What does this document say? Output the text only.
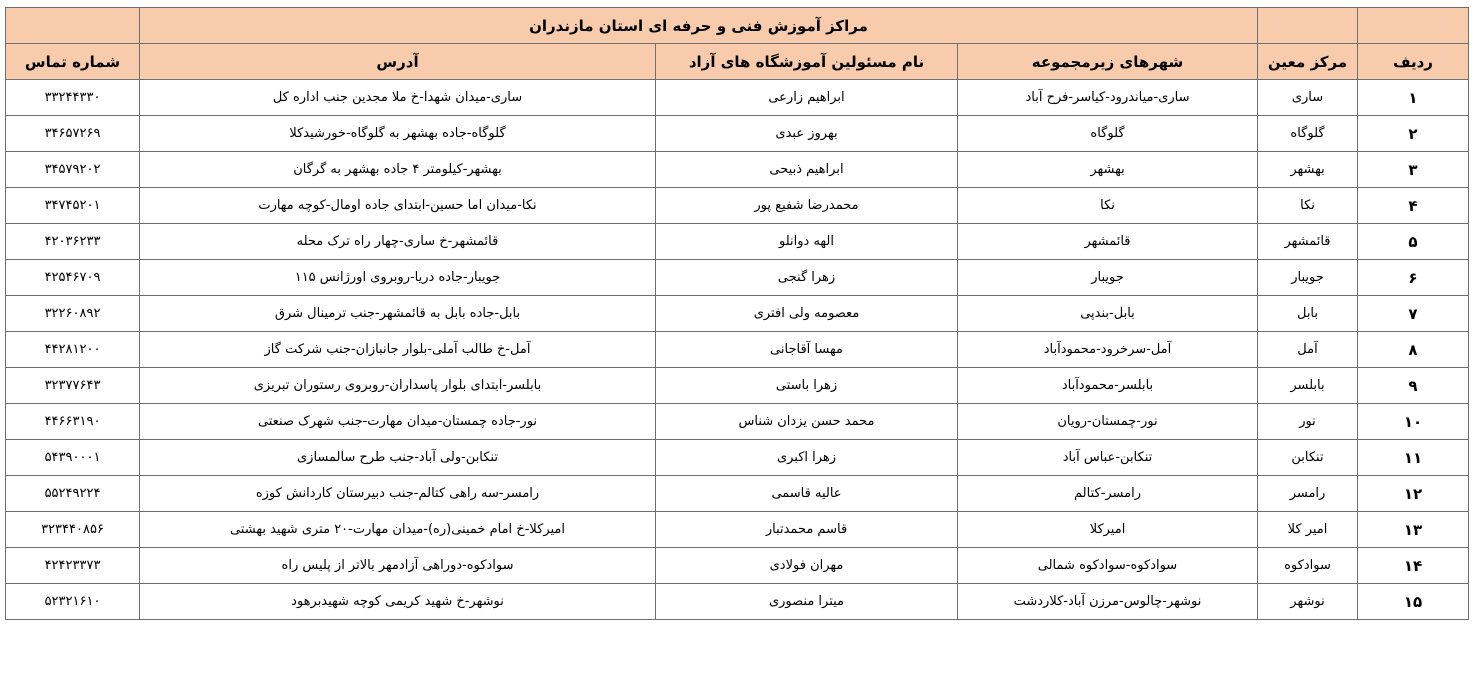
		مراکز آموزش فنی و حرفه ای استان مازندران			
ردیف	مرکز معین	شهرهای زیرمجموعه	نام مسئولین آموزشگاه های آزاد	آدرس	شماره تماس
۱	ساری	ساری-میاندرود-کیاسر-فرح آباد	ابراهیم زارعی	ساری-میدان شهدا-خ ملا مجدین جنب اداره کل	۳۳۲۴۴۳۳۰
۲	گلوگاه	گلوگاه	بهروز عبدی	گلوگاه-جاده بهشهر به گلوگاه-خورشیدکلا	۳۴۶۵۷۲۶۹
۳	بهشهر	بهشهر	ابراهیم ذبیحی	بهشهر-کیلومتر ۴ جاده بهشهر به گرگان	۳۴۵۷۹۲۰۲
۴	نکا	نکا	محمدرضا شفیع پور	نکا-میدان اما حسین-ابتدای جاده اومال-کوچه مهارت	۳۴۷۴۵۲۰۱
۵	قائمشهر	قائمشهر	الهه دوانلو	قائمشهر-خ ساری-چهار راه ترک محله	۴۲۰۳۶۲۳۳
۶	جویبار	جویبار	زهرا گنجی	جویبار-جاده دریا-روبروی اورژانس ۱۱۵	۴۲۵۴۶۷۰۹
۷	بابل	بابل-بندپی	معصومه ولی افتری	بابل-جاده بابل به قائمشهر-جنب ترمینال شرق	۳۲۲۶۰۸۹۲
۸	آمل	آمل-سرخرود-محمودآباد	مهسا آقاجانی	آمل-خ طالب آملی-بلوار جانبازان-جنب شرکت گاز	۴۴۲۸۱۲۰۰
۹	بابلسر	بابلسر-محمودآباد	زهرا باستی	بابلسر-ابتدای بلوار پاسداران-روبروی رستوران تبریزی	۳۲۳۷۷۶۴۳
۱۰	نور	نور-چمستان-رویان	محمد حسن یزدان شناس	نور-جاده چمستان-میدان مهارت-جنب شهرک صنعتی	۴۴۶۶۳۱۹۰
۱۱	تنکابن	تنکابن-عباس آباد	زهرا اکبری	تنکابن-ولی آباد-جنب طرح سالمسازی	۵۴۳۹۰۰۰۱
۱۲	رامسر	رامسر-کتالم	عالیه قاسمی	رامسر-سه راهی کتالم-جنب دبیرستان کاردانش کوزه	۵۵۲۴۹۲۲۴
۱۳	امیر کلا	امیرکلا	قاسم محمدتبار	امیرکلا-خ امام خمینی(ره)-میدان مهارت-۲۰ متری شهید بهشتی	۳۲۳۴۴۰۸۵۶
۱۴	سوادکوه	سوادکوه-سوادکوه شمالی	مهران فولادی	سوادکوه-دوراهی آزادمهر بالاتر از پلیس راه	۴۲۴۲۳۳۷۳
۱۵	نوشهر	نوشهر-چالوس-مرزن آباد-کلاردشت	میترا منصوری	نوشهر-خ شهید کریمی کوچه شهیدبرهود	۵۲۳۲۱۶۱۰
